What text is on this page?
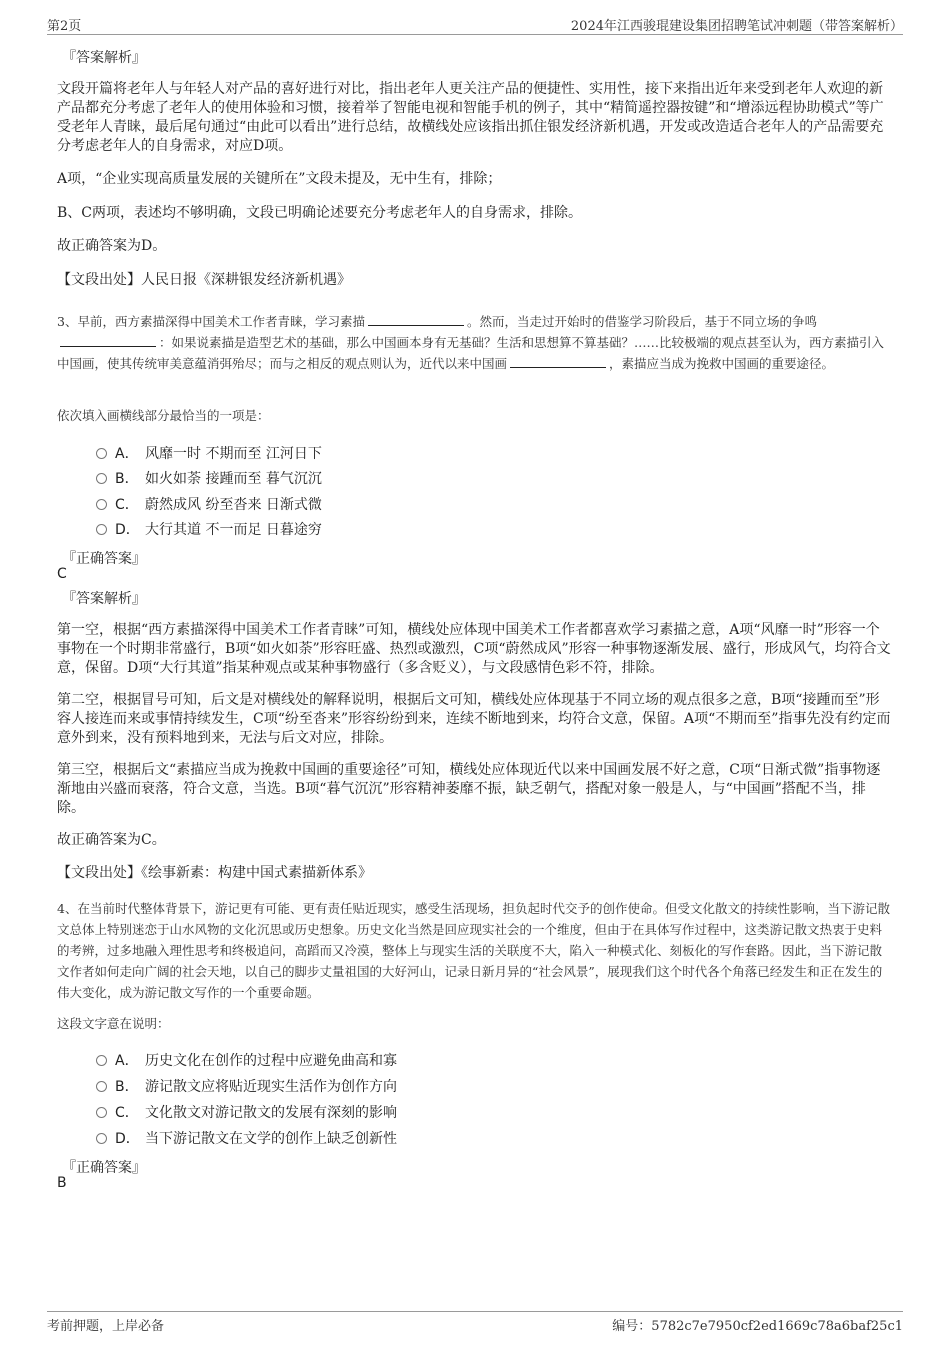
第2页	2024年江西骏琨建设集团招聘笔试冲刺题（带答案解析）
『答案解析』
文段开篇将老年人与年轻人对产品的喜好进行对比，指出老年人更关注产品的便捷性、实用性，接下来指出近年来受到老年人欢迎的新产品都充分考虑了老年人的使用体验和习惯，接着举了智能电视和智能手机的例子，其中“精简遥控器按键”和“增添远程协助模式”等广受老年人青睐，最后尾句通过“由此可以看出”进行总结，故横线处应该指出抓住银发经济新机遇，开发或改造适合老年人的产品需要充分考虑老年人的自身需求，对应D项。
A项，“企业实现高质量发展的关键所在”文段未提及，无中生有，排除；
B、C两项，表述均不够明确，文段已明确论述要充分考虑老年人的自身需求，排除。
故正确答案为D。
【文段出处】人民日报《深耕银发经济新机遇》
3、早前，西方素描深得中国美术工作者青睐，学习素描	。然而，当走过开始时的借鉴学习阶段后，基于不同立场的争鸣
：如果说素描是造型艺术的基础，那么中国画本身有无基础？生活和思想算不算基础？……比较极端的观点甚至认为，西方素描引入中国画，使其传统审美意蕴消弭殆尽；而与之相反的观点则认为，近代以来中国画	，素描应当成为挽救中国画的重要途径。
依次填入画横线部分最恰当的一项是：
A． 风靡一时 不期而至 江河日下
B． 如火如荼 接踵而至 暮气沉沉
C． 蔚然成风 纷至沓来 日渐式微
D． 大行其道 不一而足 日暮途穷
『正确答案』
C
『答案解析』
第一空，根据“西方素描深得中国美术工作者青睐”可知，横线处应体现中国美术工作者都喜欢学习素描之意，A项“风靡一时”形容一个事物在一个时期非常盛行，B项“如火如荼”形容旺盛、热烈或激烈，C项“蔚然成风”形容一种事物逐渐发展、盛行，形成风气，均符合文意，保留。D项“大行其道”指某种观点或某种事物盛行（多含贬义），与文段感情色彩不符，排除。
第二空，根据冒号可知，后文是对横线处的解释说明，根据后文可知，横线处应体现基于不同立场的观点很多之意，B项“接踵而至”形容人接连而来或事情持续发生，C项“纷至沓来”形容纷纷到来，连续不断地到来，均符合文意，保留。A项“不期而至”指事先没有约定而意外到来，没有预料地到来，无法与后文对应，排除。
第三空，根据后文“素描应当成为挽救中国画的重要途径”可知，横线处应体现近代以来中国画发展不好之意，C项“日渐式微”指事物逐渐地由兴盛而衰落，符合文意，当选。B项“暮气沉沉”形容精神萎靡不振，缺乏朝气，搭配对象一般是人，与“中国画”搭配不当，排除。
故正确答案为C。
【文段出处】《绘事新素：构建中国式素描新体系》
4、在当前时代整体背景下，游记更有可能、更有责任贴近现实，感受生活现场，担负起时代交予的创作使命。但受文化散文的持续性影响，当下游记散文总体上特别迷恋于山水风物的文化沉思或历史想象。历史文化当然是回应现实社会的一个维度，但由于在具体写作过程中，这类游记散文热衷于史料的考辨，过多地融入理性思考和终极追问，高蹈而又冷漠，整体上与现实生活的关联度不大，陷入一种模式化、刻板化的写作套路。因此，当下游记散文作者如何走向广阔的社会天地，以自己的脚步丈量祖国的大好河山，记录日新月异的“社会风景”，展现我们这个时代各个角落已经发生和正在发生的伟大变化，成为游记散文写作的一个重要命题。
这段文字意在说明：
A． 历史文化在创作的过程中应避免曲高和寡
B． 游记散文应将贴近现实生活作为创作方向
C． 文化散文对游记散文的发展有深刻的影响
D． 当下游记散文在文学的创作上缺乏创新性
『正确答案』
B
考前押题，上岸必备	编号：5782c7e7950cf2ed1669c78a6baf25c1
